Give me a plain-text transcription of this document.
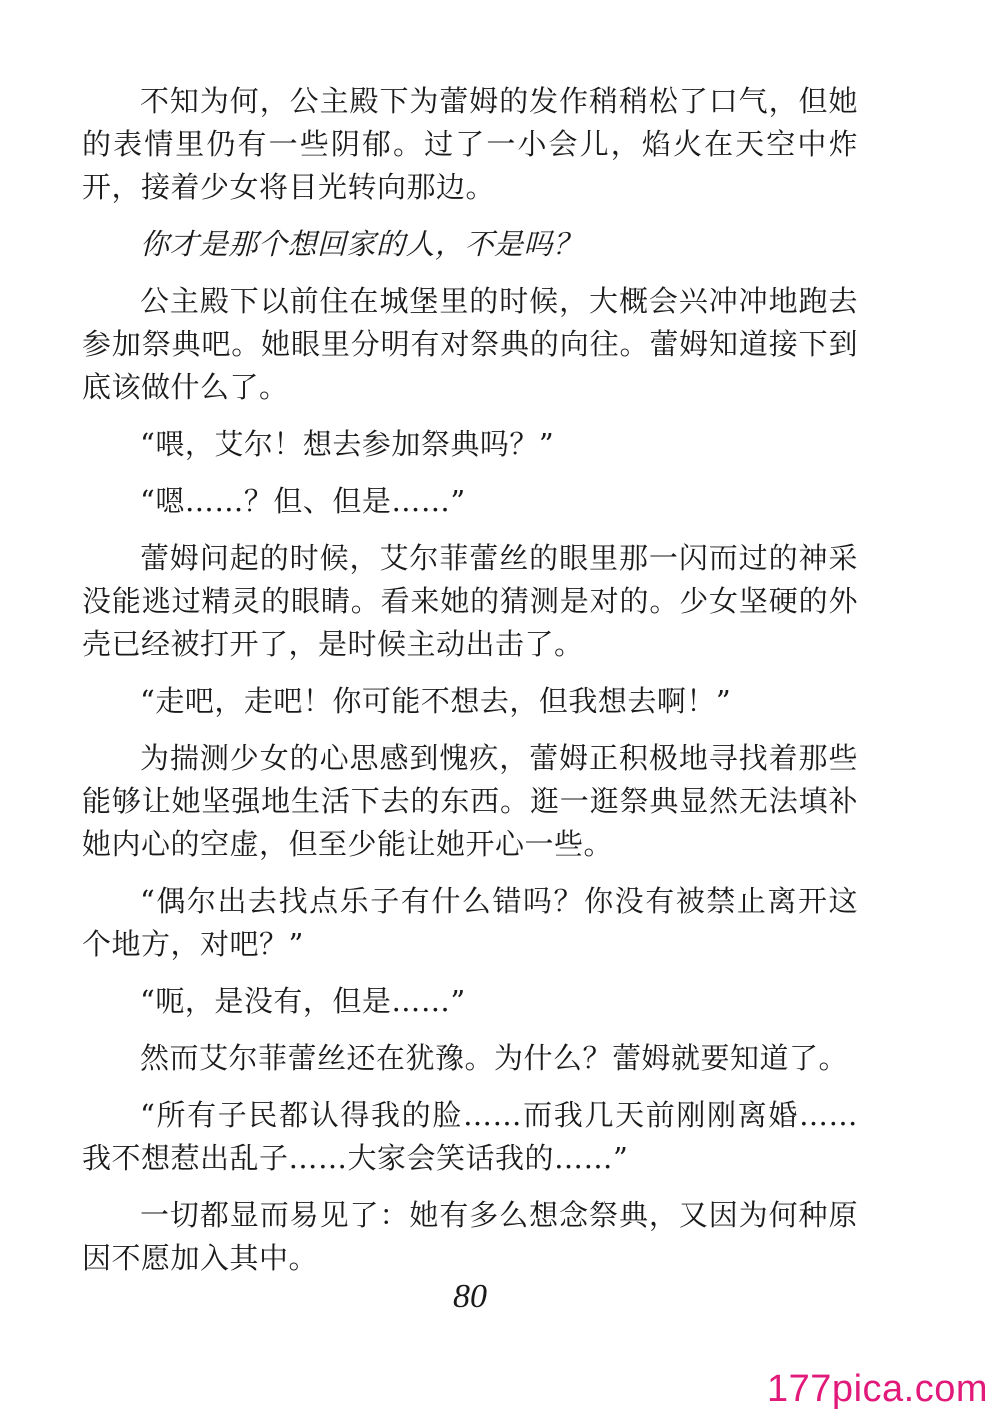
不知为何，公主殿下为蕾姆的发作稍稍松了口气，但她的表情里仍有一些阴郁。过了一小会儿，焰火在天空中炸开，接着少女将目光转向那边。

你才是那个想回家的人，不是吗？

公主殿下以前住在城堡里的时候，大概会兴冲冲地跑去参加祭典吧。她眼里分明有对祭典的向往。蕾姆知道接下到底该做什么了。

“喂，艾尔！想去参加祭典吗？”

“嗯……？但、但是……”

蕾姆问起的时候，艾尔菲蕾丝的眼里那一闪而过的神采没能逃过精灵的眼睛。看来她的猜测是对的。少女坚硬的外壳已经被打开了，是时候主动出击了。

“走吧，走吧！你可能不想去，但我想去啊！”

为揣测少女的心思感到愧疚，蕾姆正积极地寻找着那些能够让她坚强地生活下去的东西。逛一逛祭典显然无法填补她内心的空虚，但至少能让她开心一些。

“偶尔出去找点乐子有什么错吗？你没有被禁止离开这个地方，对吧？”

“呃，是没有，但是……”

然而艾尔菲蕾丝还在犹豫。为什么？蕾姆就要知道了。

“所有子民都认得我的脸……而我几天前刚刚离婚……我不想惹出乱子……大家会笑话我的……”

一切都显而易见了：她有多么想念祭典，又因为何种原因不愿加入其中。

80
177pica.com
